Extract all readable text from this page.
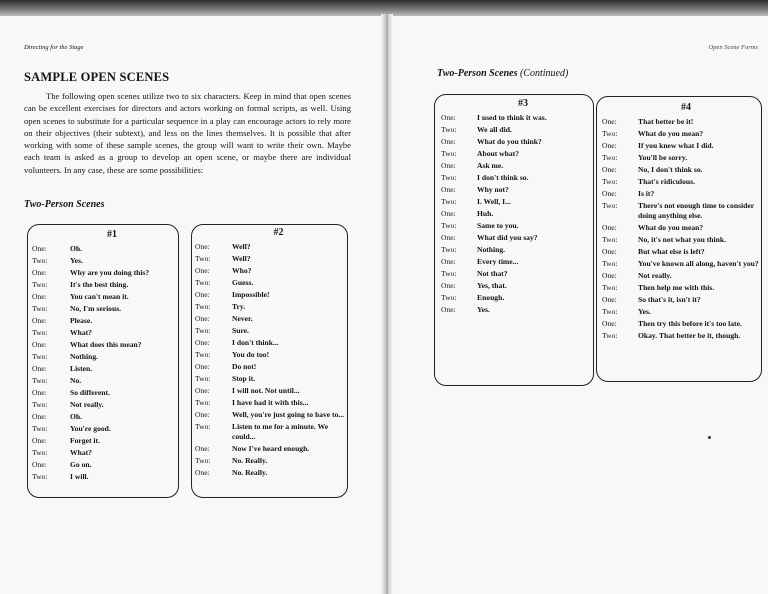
Directing for the Stage	Open Scene Forms
SAMPLE OPEN SCENES

The following open scenes utilize two to six characters. Keep in mind that open scenes can be excellent exercises for directors and actors working on formal scripts, as well. Using open scenes to substitute for a particular sequence in a play can encourage actors to rely more on their objectives (their subtext), and less on the lines themselves. It is possible that after working with some of these sample scenes, the group will want to write their own. Maybe each team is asked as a group to develop an open scene, or maybe there are individual volunteers. In any case, these are some possibilities:

Two-Person Scenes
Two-Person Scenes (Continued)
#1
One:	Oh.
Two:	Yes.
One:	Why are you doing this?
Two:	It's the best thing.
One:	You can't mean it.
Two:	No, I'm serious.
One:	Please.
Two:	What?
One:	What does this mean?
Two:	Nothing.
One:	Listen.
Two:	No.
One:	So different.
Two:	Not really.
One:	Oh.
Two:	You're good.
One:	Forget it.
Two:	What?
One:	Go on.
Two:	I will.
#2
One:	Well?
Two:	Well?
One:	Who?
Two:	Guess.
One:	Impossible!
Two:	Try.
One:	Never.
Two:	Sure.
One:	I don't think...
Two:	You do too!
One:	Do not!
Two:	Stop it.
One:	I will not. Not until...
Two:	I have had it with this...
One:	Well, you're just going to have to...
Two:	Listen to me for a minute. We could...
One:	Now I've heard enough.
Two:	No. Really.
One:	No. Really.
#3
One:	I used to think it was.
Two:	We all did.
One:	What do you think?
Two:	About what?
One:	Ask me.
Two:	I don't think so.
One:	Why not?
Two:	I. Well, I...
One:	Huh.
Two:	Same to you.
One:	What did you say?
Two:	Nothing.
One:	Every time...
Two:	Not that?
One:	Yes, that.
Two:	Enough.
One:	Yes.
#4
One:	That better be it!
Two:	What do you mean?
One:	If you knew what I did.
Two:	You'll be sorry.
One:	No, I don't think so.
Two:	That's ridiculous.
One:	Is it?
Two:	There's not enough time to consider doing anything else.
One:	What do you mean?
Two:	No, it's not what you think.
One:	But what else is left?
Two:	You've known all along, haven't you?
One:	Not really.
Two:	Then help me with this.
One:	So that's it, isn't it?
Two:	Yes.
One:	Then try this before it's too late.
Two:	Okay. That better be it, though.
